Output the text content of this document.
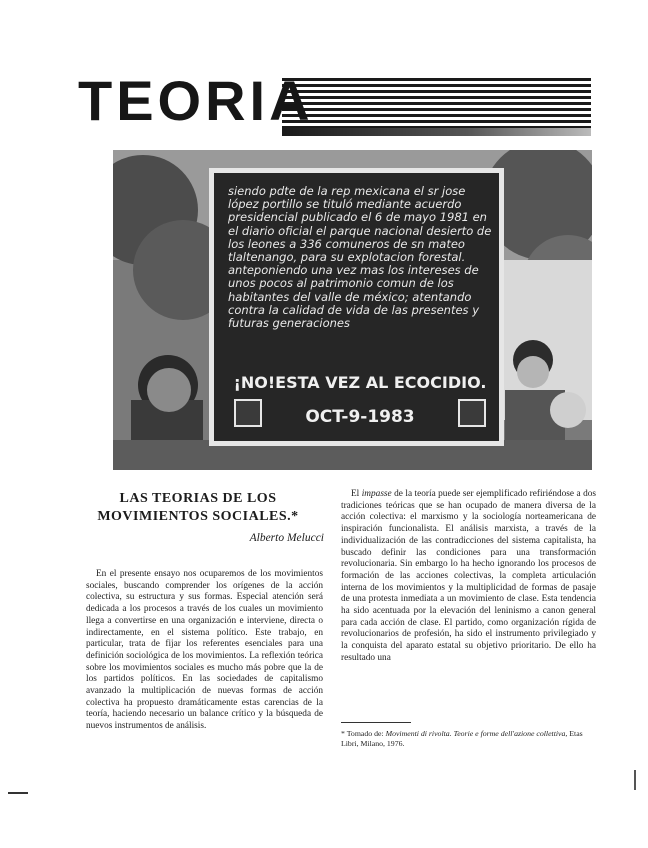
TEORIA
siendo pdte de la rep mexicana el sr jose lópez portillo se tituló mediante acuerdo presidencial publicado el 6 de mayo 1981 en el diario oficial el parque nacional desierto de los leones a 336 comuneros de sn mateo tlaltenango, para su explotacion forestal. anteponiendo una vez mas los intereses de unos pocos al patrimonio comun de los habitantes del valle de méxico; atentando contra la calidad de vida de las presentes y futuras generaciones
¡NO!ESTA VEZ AL ECOCIDIO.
OCT-9-1983
LAS TEORIAS DE LOS MOVIMIENTOS SOCIALES.*
Alberto Melucci

En el presente ensayo nos ocuparemos de los movimientos sociales, buscando comprender los orígenes de la acción colectiva, su estructura y sus formas. Especial atención será dedicada a los procesos a través de los cuales un movimiento llega a convertirse en una organización e interviene, directa o indirectamente, en el sistema político. Este trabajo, en particular, trata de fijar los referentes esenciales para una definición sociológica de los movimientos. La reflexión teórica sobre los movimientos sociales es mucho más pobre que la de los partidos políticos. En las sociedades de capitalismo avanzado la multiplicación de nuevas formas de acción colectiva ha propuesto dramáticamente estas carencias de la teoría, haciendo necesario un balance crítico y la búsqueda de nuevos instrumentos de análisis.

El impasse de la teoría puede ser ejemplificado refiriéndose a dos tradiciones teóricas que se han ocupado de manera diversa de la acción colectiva: el marxismo y la sociología norteamericana de inspiración funcionalista. El análisis marxista, a través de la individualización de las contradicciones del sistema capitalista, ha buscado definir las condiciones para una transformación revolucionaria. Sin embargo lo ha hecho ignorando los procesos de formación de las acciones colectivas, la completa articulación interna de los movimientos y la multiplicidad de formas de pasaje de una protesta inmediata a un movimiento de clase. Esta tendencia ha sido acentuada por la elevación del leninismo a canon general para cada acción de clase. El partido, como organización rígida de revolucionarios de profesión, ha sido el instrumento privilegiado y la conquista del aparato estatal su objetivo prioritario. De ello ha resultado una

* Tomado de: Movimenti di rivolta. Teorie e forme dell'azione collettiva, Etas Libri, Milano, 1976.
